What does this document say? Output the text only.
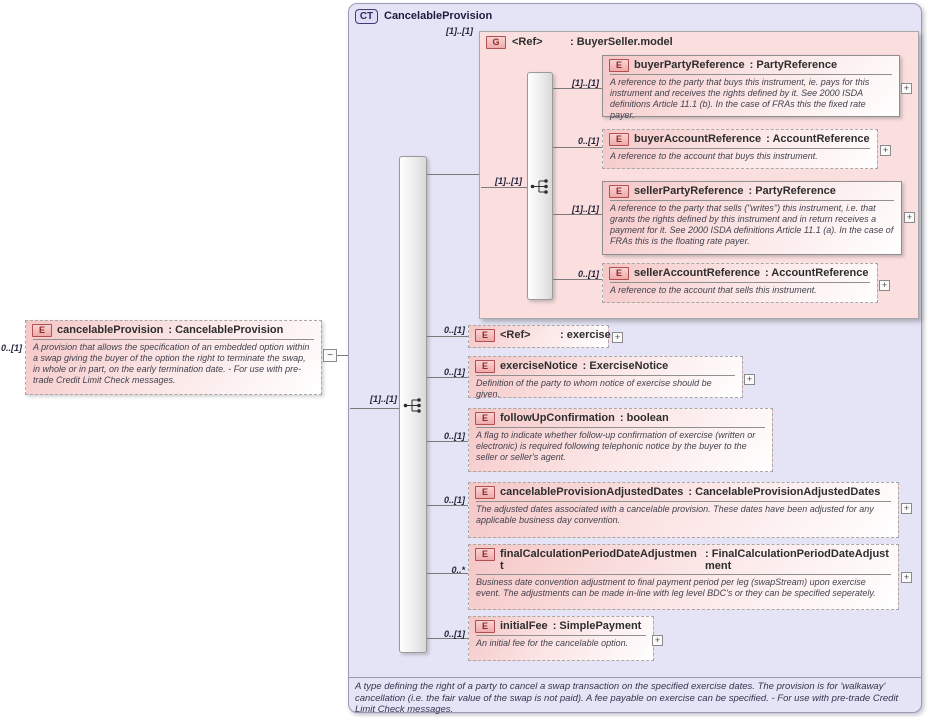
0..[1]
E	cancelableProvision : CancelableProvision
A provision that allows the specification of an embedded option within a swap giving the buyer of the option the right to terminate the swap, in whole or in part, on the early termination date. - For use with pre-trade Credit Limit Check messages.
−
CT CancelableProvision
[1]..[1]
[1]..[1]
0..[1]
0..[1]
0..[1]
0..[1]
0..*
0..[1]
G	<Ref>	: BuyerSeller.model
[1]..[1]
[1]..[1]
0..[1]
[1]..[1]
0..[1]
E	buyerPartyReference : PartyReference
A reference to the party that buys this instrument, ie. pays for this instrument and receives the rights defined by it. See 2000 ISDA definitions Article 11.1 (b). In the case of FRAs this the fixed rate payer.
+
E	buyerAccountReference : AccountReference
A reference to the account that buys this instrument.
+
E	sellerPartyReference : PartyReference
A reference to the party that sells ("writes") this instrument, i.e. that grants the rights defined by this instrument and in return receives a payment for it. See 2000 ISDA definitions Article 11.1 (a). In the case of FRAs this is the floating rate payer.
+
E	sellerAccountReference : AccountReference
A reference to the account that sells this instrument.	+
E	<Ref>	: exercise +
E	exerciseNotice : ExerciseNotice
Definition of the party to whom notice of exercise should be given.
+
E	followUpConfirmation : boolean
A flag to indicate whether follow-up confirmation of exercise (written or electronic) is required following telephonic notice by the buyer to the seller or seller's agent.
E	cancelableProvisionAdjustedDates : CancelableProvisionAdjustedDates
The adjusted dates associated with a cancelable provision. These dates have been adjusted for any applicable business day convention.
+
E	finalCalculationPeriodDateAdjustment
: FinalCalculationPeriodDateAdjustment
Business date convention adjustment to final payment period per leg (swapStream) upon exercise event. The adjustments can be made in-line with leg level BDC's or they can be specified seperately.
+
E	initialFee : SimplePayment
An initial fee for the cancelable option.	+
A type defining the right of a party to cancel a swap transaction on the specified exercise dates. The provision is for 'walkaway' cancellation (i.e. the fair value of the swap is not paid). A fee payable on exercise can be specified. - For use with pre-trade Credit Limit Check messages.
